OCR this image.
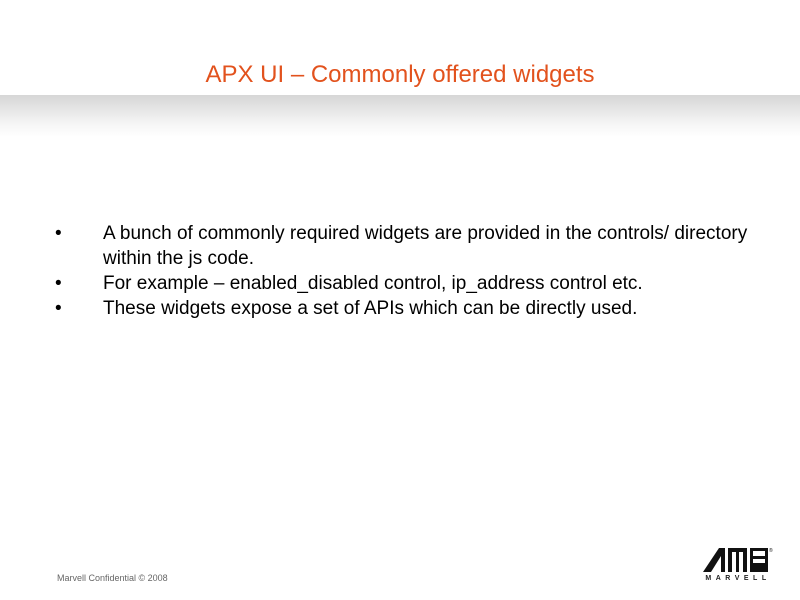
APX UI – Commonly offered widgets
•	A bunch of commonly required widgets are provided in the controls/ directory within the js code.
•	For example – enabled_disabled control, ip_address control etc.
•	These widgets expose a set of APIs which can be directly used.
Marvell Confidential © 2008
®
MARVELL
